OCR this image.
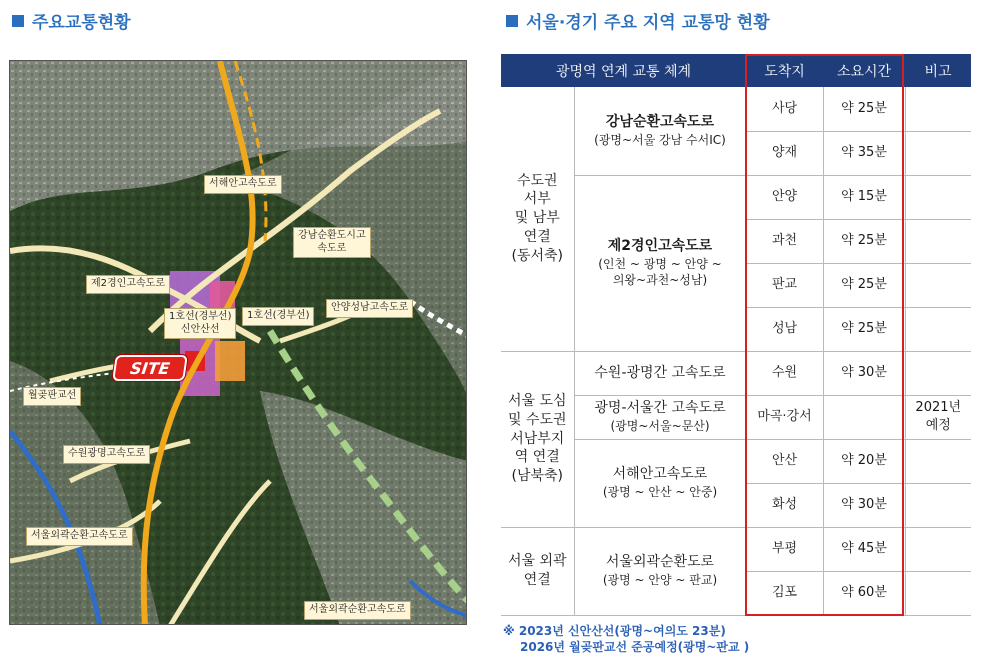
주요교통현황	서울·경기 주요 지역 교통망 현황
서해안고속도로
강남순환도시고
속도로
제2경인고속도로
1호선(경부선)
신안산선
1호선(경부선)
안양성남고속도로
월곶판교선
수원광명고속도로
서울외곽순환고속도로
서울외곽순환고속도로
SITE
광명역 연계 교통 체계		도착지	소요시간	비고
수도권
서부
및 남부
연결
(동서축)	강남순환고속도로
(광명~서울 강남 수서IC)	사당	약 25분	
		양재	약 35분	

	제2경인고속도로
(인천 ~ 광명 ~ 안양 ~
의왕~과천~성남)	안양	약 15분	
		과천	약 25분	
		판교	약 25분	
		성남	약 25분	
서울 도심
및 수도권
서남부지
역 연결
(남북축)	수원-광명간 고속도로	수원	약 30분	

	광명-서울간 고속도로
(광명~서울~문산)	마곡·강서		2021년
예정

	서해안고속도로
(광명 ~ 안산 ~ 안중)	안산	약 20분	
		화성	약 30분	
서울 외곽
연결	서울외곽순환도로
(광명 ~ 안양 ~ 판교)	부평	약 45분	
		김포	약 60분	
※ 2023년 신안산선(광명~여의도 23분)
2026년 월곶판교선 준공예정(광명~판교 )
